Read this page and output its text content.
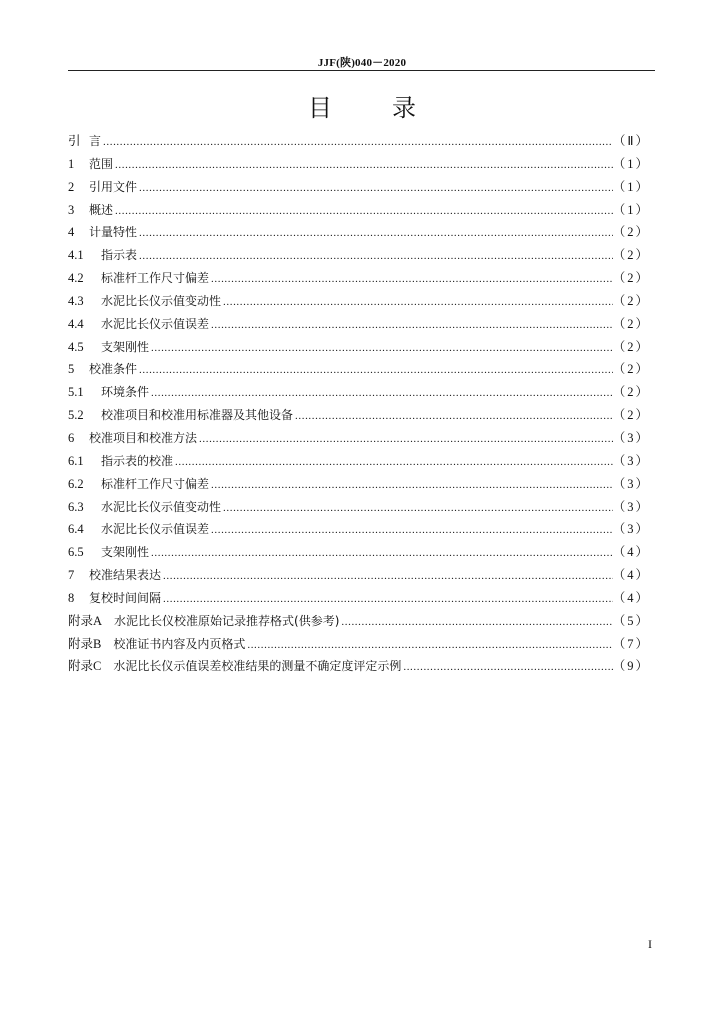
JJF(陕)040－2020
目录
引 言 .....	（Ⅱ）
1	范围 .....	（1）
2	引用文件 .....	（1）
3	概述 .....	（1）
4	计量特性 .....	（2）
4.1	指示表 .....	（2）
4.2	标准杆工作尺寸偏差 .....	（2）
4.3	水泥比长仪示值变动性 .....	（2）
4.4	水泥比长仪示值误差 .....	（2）
4.5	支架刚性 .....	（2）
5	校准条件 .....	（2）
5.1	环境条件 .....	（2）
5.2	校准项目和校准用标准器及其他设备 .....	（2）
6	校准项目和校准方法 .....	（3）
6.1	指示表的校准 .....	（3）
6.2	标准杆工作尺寸偏差 .....	（3）
6.3	水泥比长仪示值变动性 .....	（3）
6.4	水泥比长仪示值误差 .....	（3）
6.5	支架刚性 .....	（4）
7	校准结果表达 .....	（4）
8	复校时间间隔 .....	（4）
附录A	水泥比长仪校准原始记录推荐格式(供参考) .....	（5）
附录B	校准证书内容及内页格式 .....	（7）
附录C	水泥比长仪示值误差校准结果的测量不确定度评定示例 .....	（9）
I
